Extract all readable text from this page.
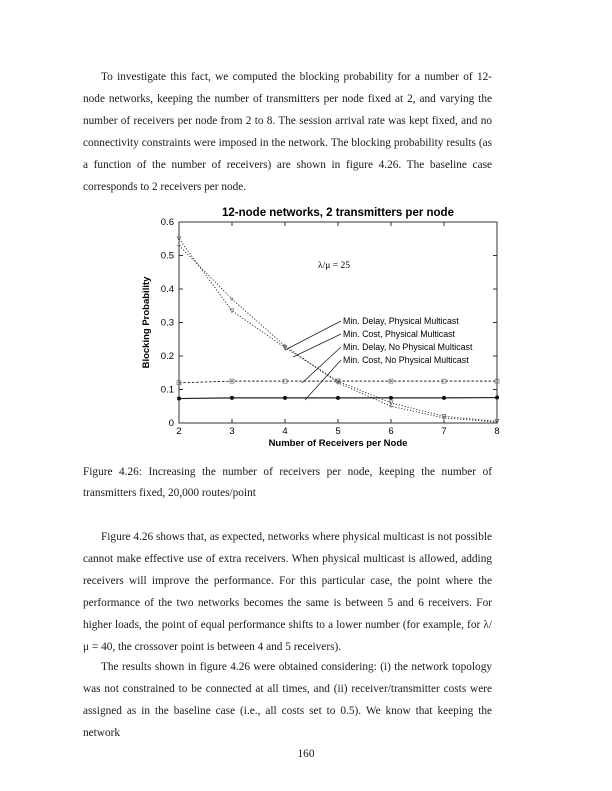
To investigate this fact, we computed the blocking probability for a number of 12-node networks, keeping the number of transmitters per node fixed at 2, and varying the number of receivers per node from 2 to 8. The session arrival rate was kept fixed, and no connectivity constraints were imposed in the network. The blocking probability results (as a function of the number of receivers) are shown in figure 4.26. The baseline case corresponds to 2 receivers per node.

12-node networks, 2 transmitters per node
2	3	4	5	6	7	8
0
0.1
0.2
0.3
0.4
0.5
0.6
Number of Receivers per Node
Blocking Probability
λ/μ = 25
Min. Delay, Physical Multicast
Min. Cost, Physical Multicast
Min. Delay, No Physical Multicast
Min. Cost, No Physical Multicast

Figure 4.26: Increasing the number of receivers per node, keeping the number of transmitters fixed, 20,000 routes/point

Figure 4.26 shows that, as expected, networks where physical multicast is not possible cannot make effective use of extra receivers. When physical multicast is allowed, adding receivers will improve the performance. For this particular case, the point where the performance of the two networks becomes the same is between 5 and 6 receivers. For higher loads, the point of equal performance shifts to a lower number (for example, for λ/μ = 40, the crossover point is between 4 and 5 receivers).

The results shown in figure 4.26 were obtained considering: (i) the network topology was not constrained to be connected at all times, and (ii) receiver/transmitter costs were assigned as in the baseline case (i.e., all costs set to 0.5). We know that keeping the network

160
